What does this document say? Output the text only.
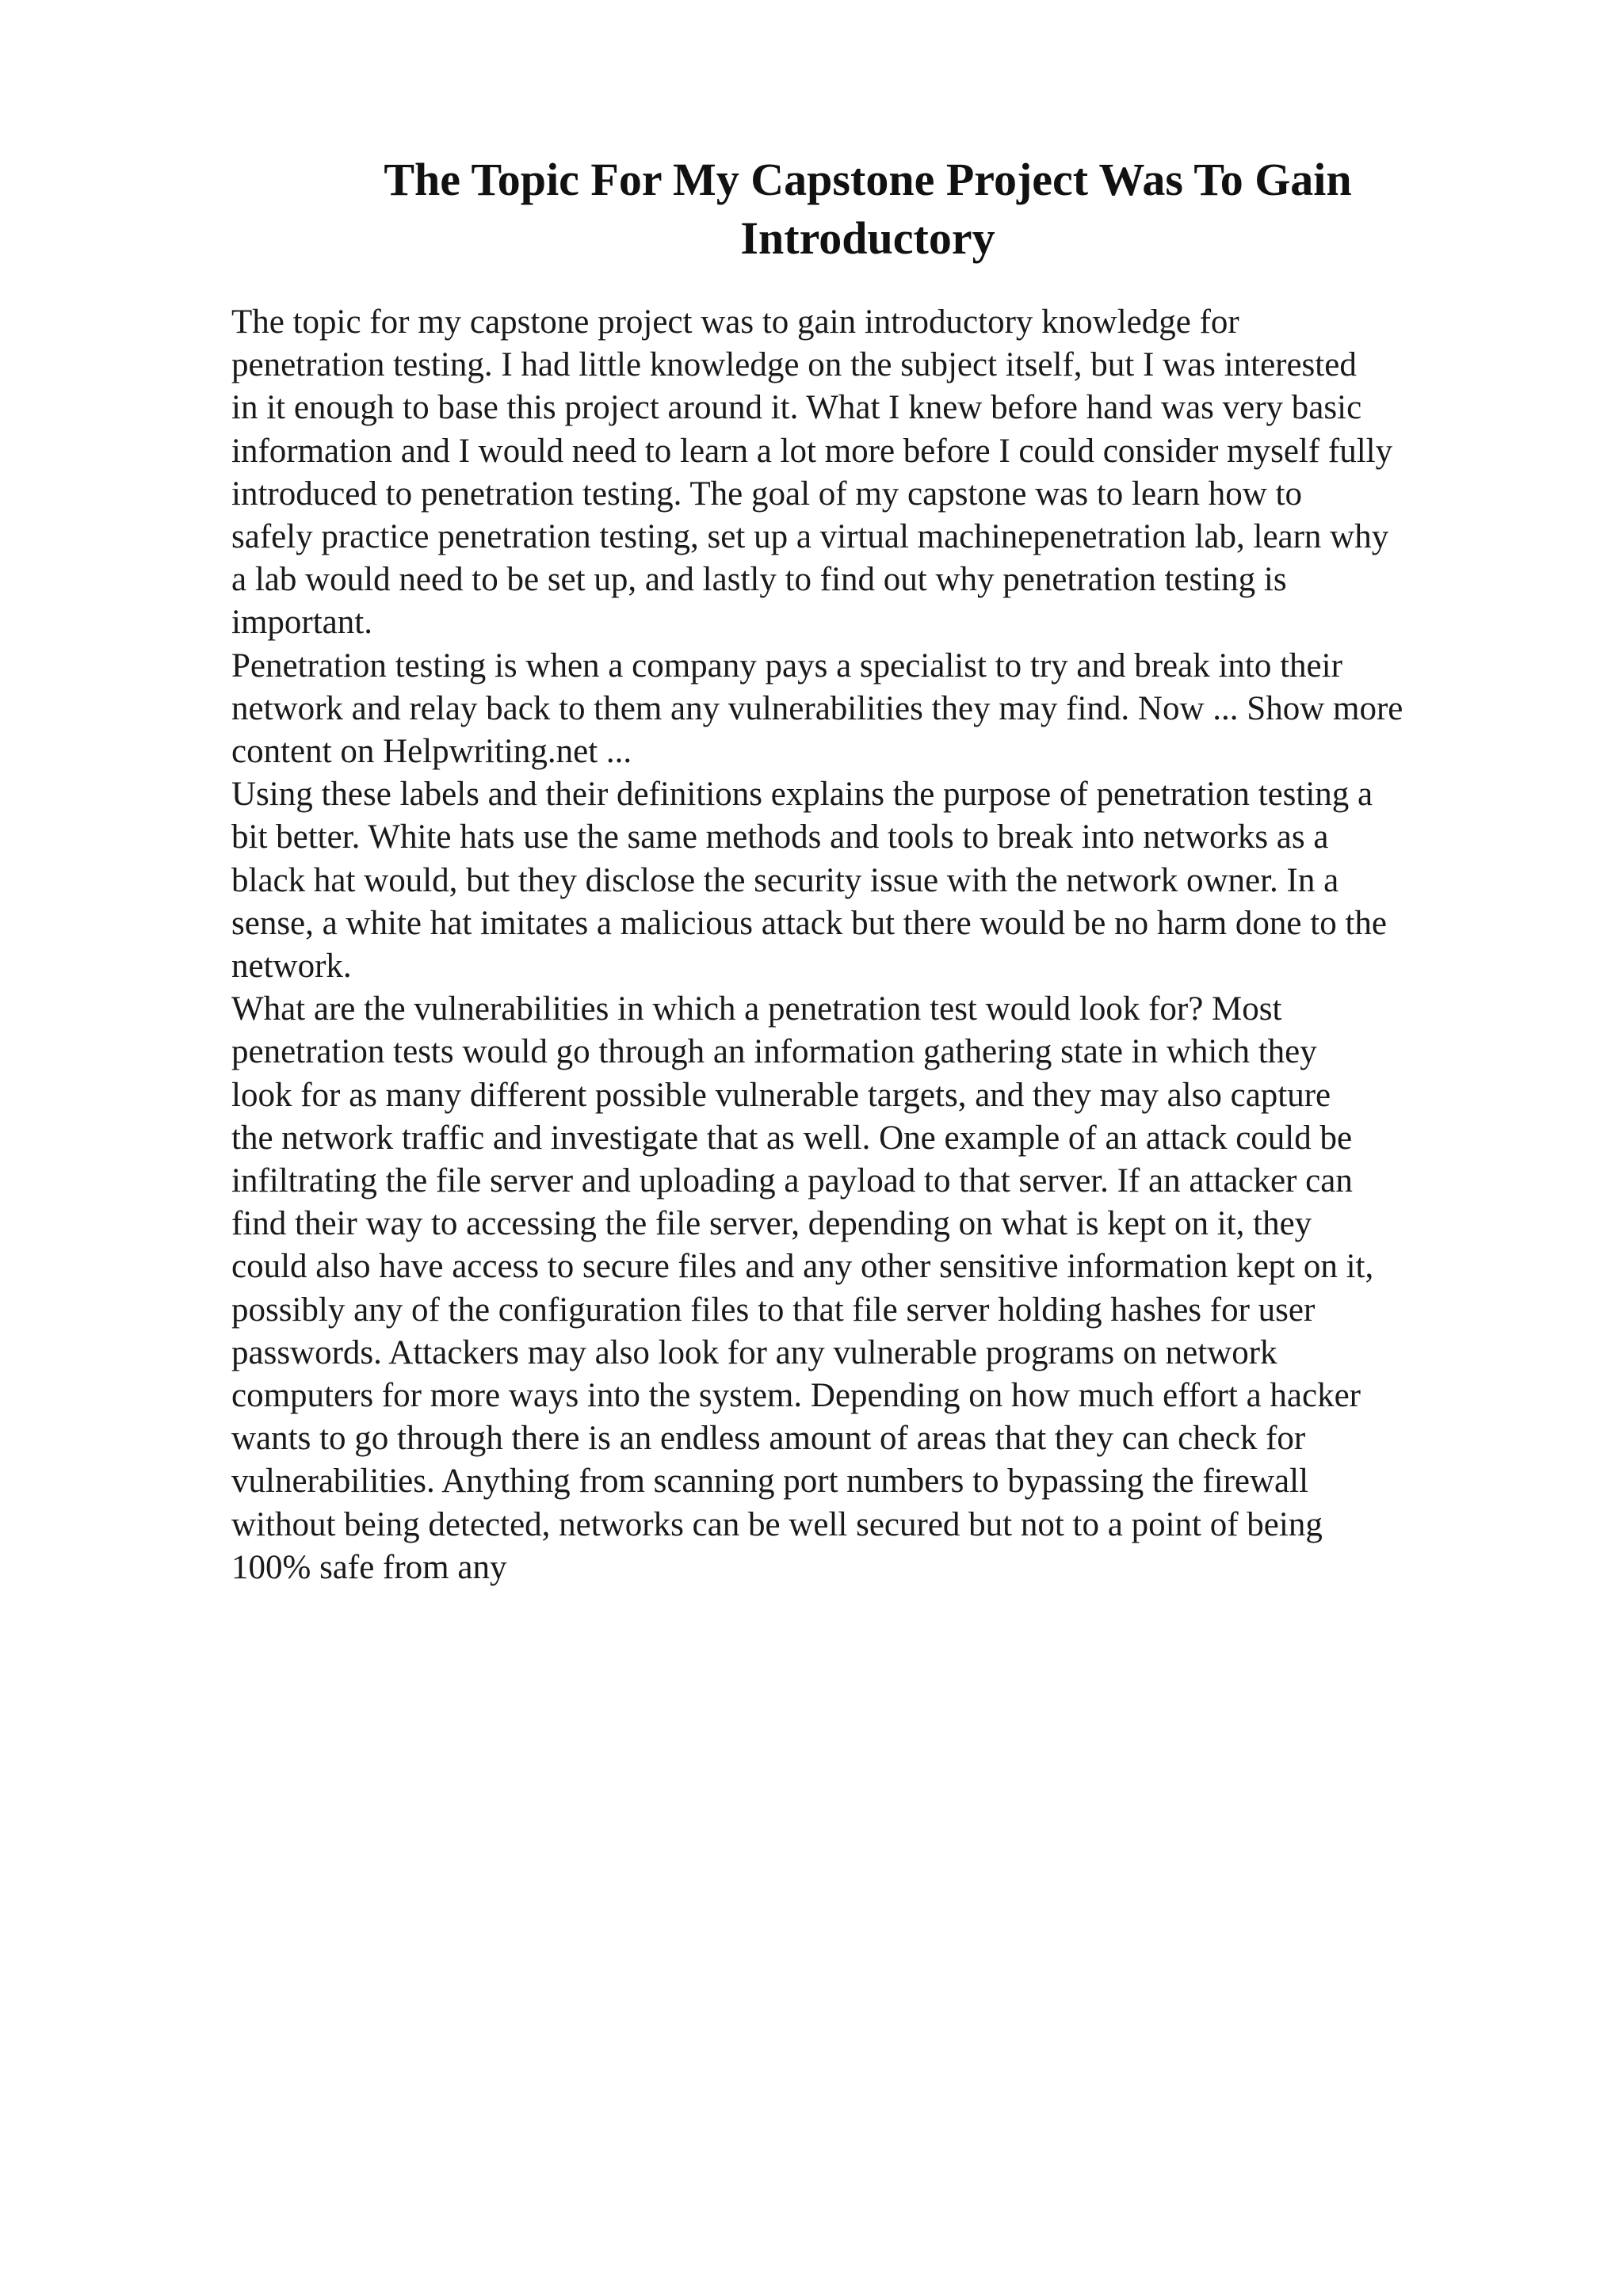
The Topic For My Capstone Project Was To Gain
Introductory
The topic for my capstone project was to gain introductory knowledge for
penetration testing. I had little knowledge on the subject itself, but I was interested
in it enough to base this project around it. What I knew before hand was very basic
information and I would need to learn a lot more before I could consider myself fully
introduced to penetration testing. The goal of my capstone was to learn how to
safely practice penetration testing, set up a virtual machinepenetration lab, learn why
a lab would need to be set up, and lastly to find out why penetration testing is
important.
Penetration testing is when a company pays a specialist to try and break into their
network and relay back to them any vulnerabilities they may find. Now ... Show more
content on Helpwriting.net ...
Using these labels and their definitions explains the purpose of penetration testing a
bit better. White hats use the same methods and tools to break into networks as a
black hat would, but they disclose the security issue with the network owner. In a
sense, a white hat imitates a malicious attack but there would be no harm done to the
network.
What are the vulnerabilities in which a penetration test would look for? Most
penetration tests would go through an information gathering state in which they
look for as many different possible vulnerable targets, and they may also capture
the network traffic and investigate that as well. One example of an attack could be
infiltrating the file server and uploading a payload to that server. If an attacker can
find their way to accessing the file server, depending on what is kept on it, they
could also have access to secure files and any other sensitive information kept on it,
possibly any of the configuration files to that file server holding hashes for user
passwords. Attackers may also look for any vulnerable programs on network
computers for more ways into the system. Depending on how much effort a hacker
wants to go through there is an endless amount of areas that they can check for
vulnerabilities. Anything from scanning port numbers to bypassing the firewall
without being detected, networks can be well secured but not to a point of being
100% safe from any
